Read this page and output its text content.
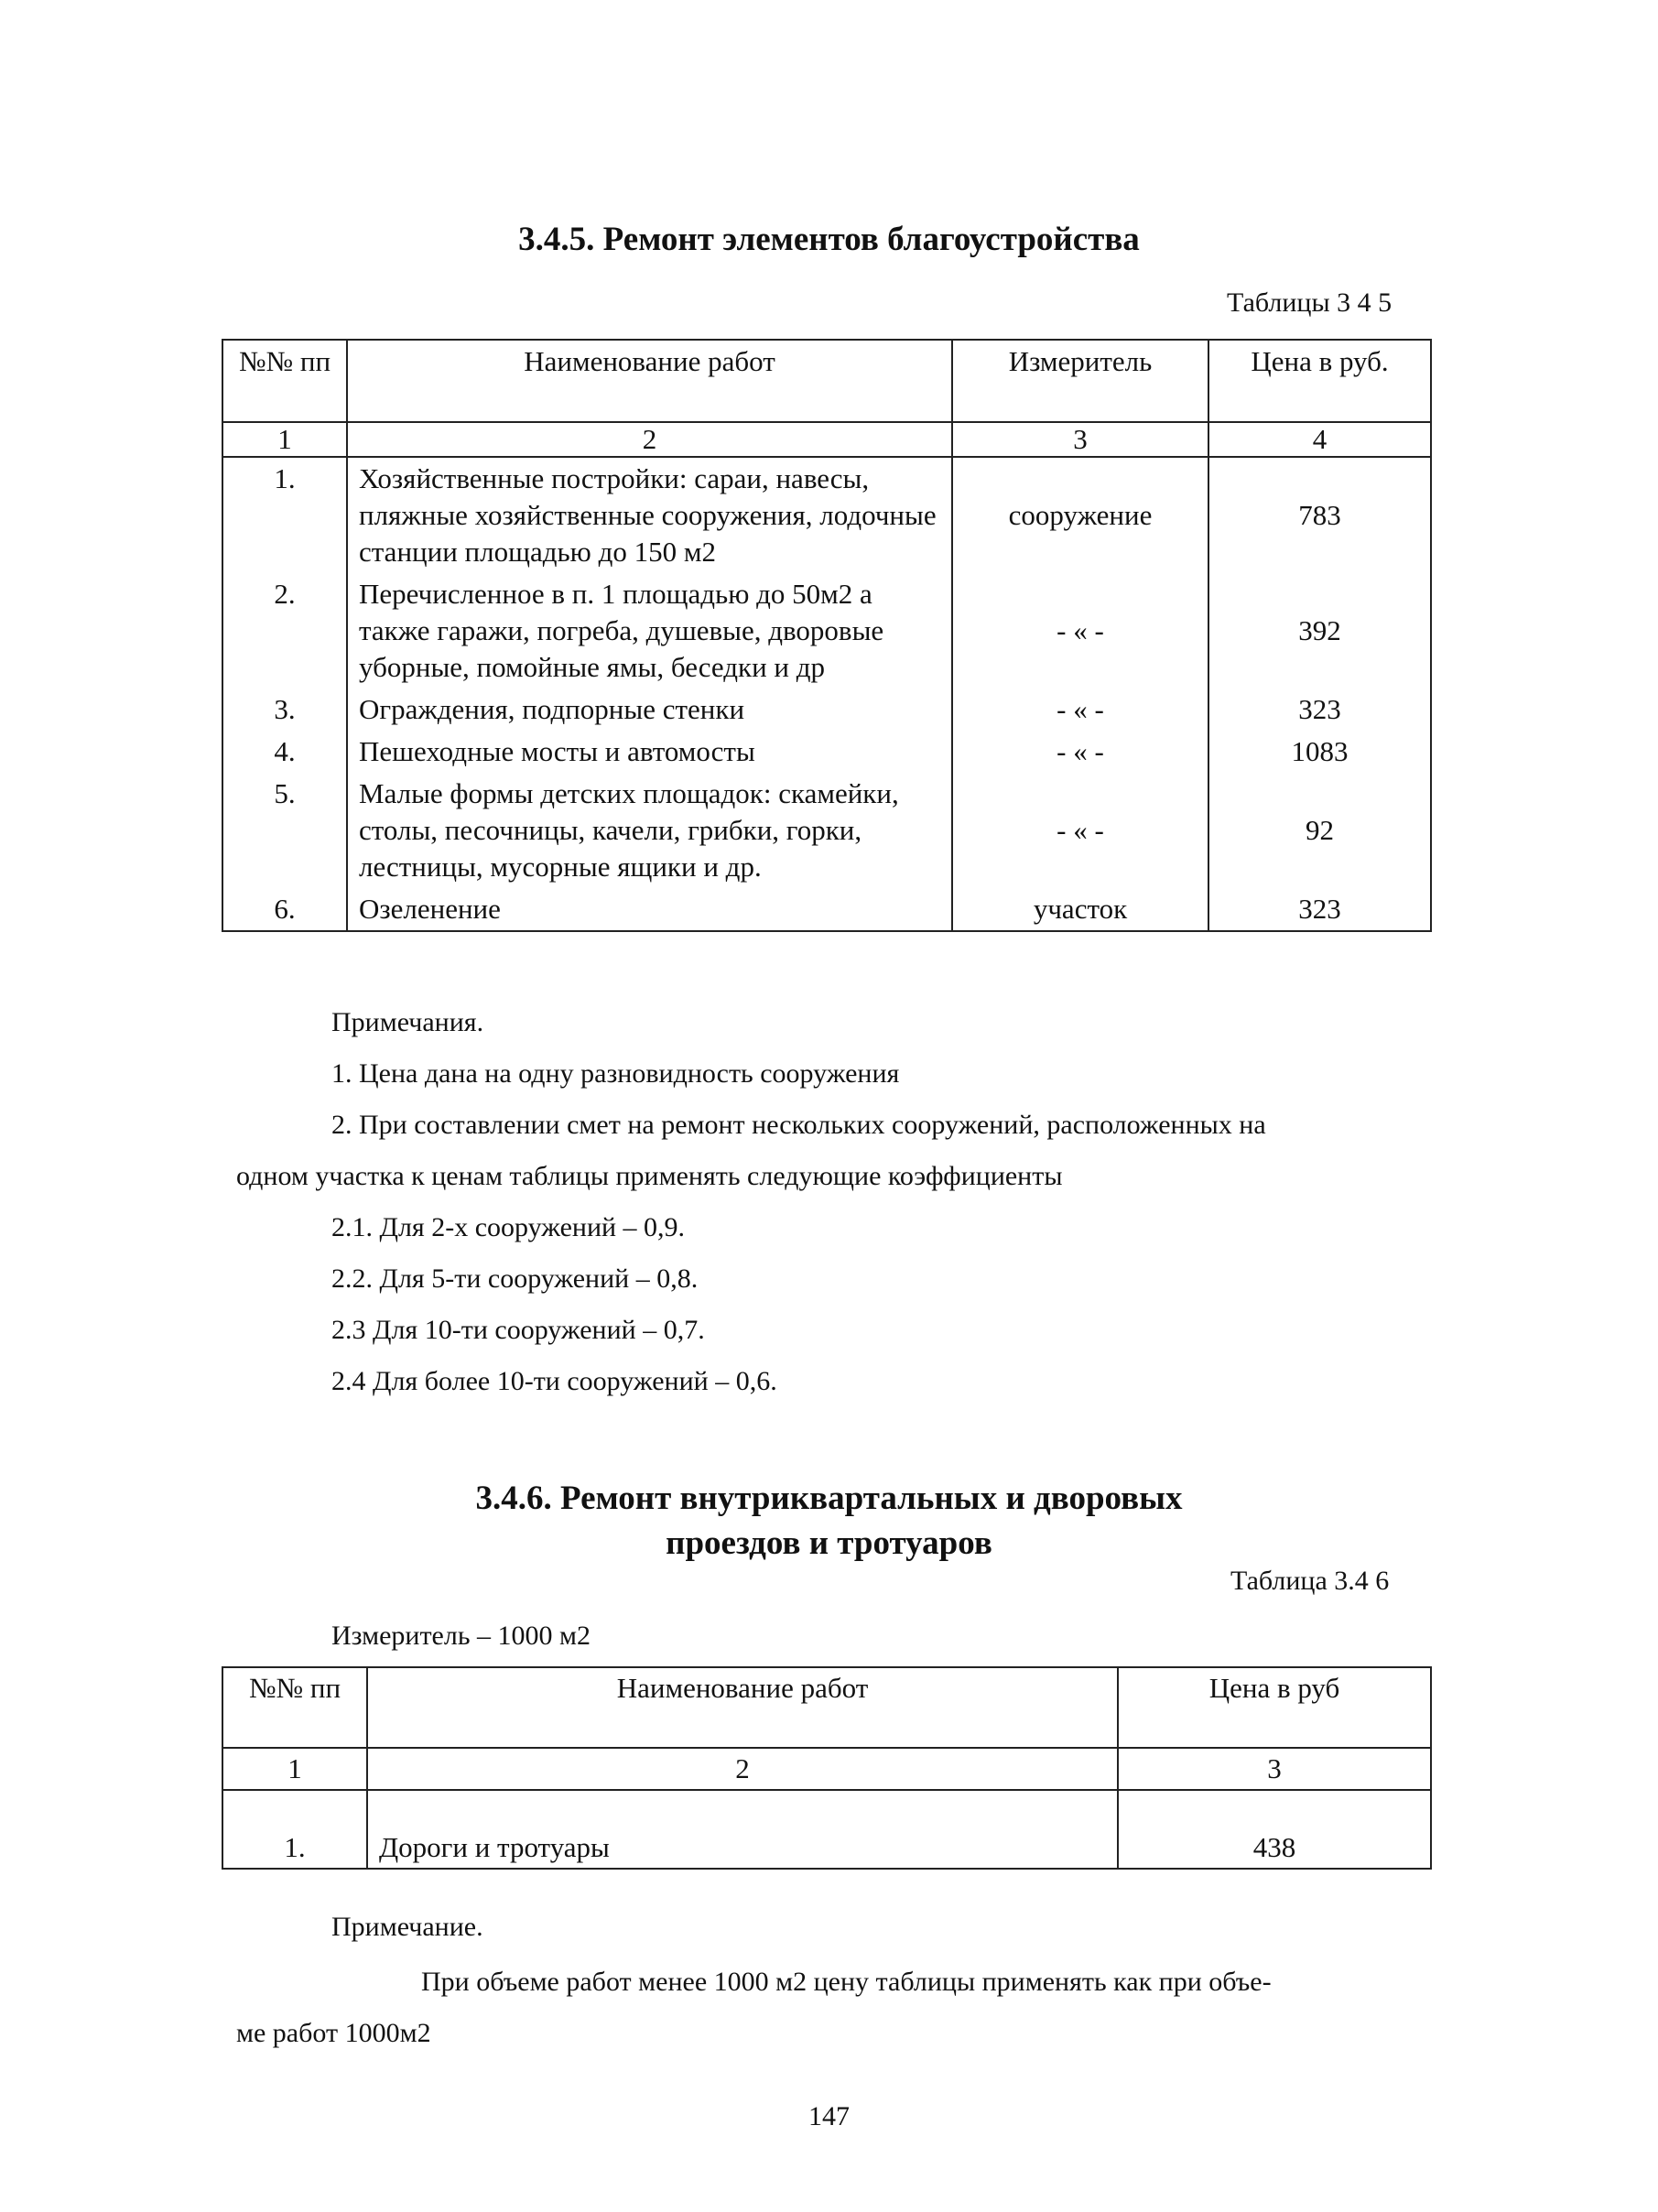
3.4.5. Ремонт элементов благоустройства
Таблицы 3 4 5
№№ пп	Наименование работ	Измеритель	Цена в руб.
1	2	3	4
1.	Хозяйственные постройки: сараи, навесы, пляжные хозяйственные сооружения, лодочные станции площадью до 150 м2	сооружение	783
2.	Перечисленное в п. 1 площадью до 50м2 а также гаражи, погреба, душевые, дворовые уборные, помойные ямы, беседки и др	- « -	392
3.	Ограждения, подпорные стенки	- « -	323
4.	Пешеходные мосты и автомосты	- « -	1083
5.	Малые формы детских площадок: скамейки, столы, песочницы, качели, грибки, горки, лестницы, мусорные ящики и др.	- « -	92
6.	Озеленение	участок	323
Примечания.
1. Цена дана на одну разновидность сооружения
2. При составлении смет на ремонт нескольких сооружений, расположенных на
одном участка к ценам таблицы применять следующие коэффициенты
2.1. Для 2-х сооружений – 0,9.
2.2. Для 5-ти сооружений – 0,8.
2.3 Для 10-ти сооружений – 0,7.
2.4 Для более 10-ти сооружений – 0,6.
3.4.6. Ремонт внутриквартальных и дворовых
проездов и тротуаров
Таблица 3.4 6
Измеритель – 1000 м2
№№ пп	Наименование работ	Цена в руб
1	2	3
1.	Дороги и тротуары	438
Примечание.
При объеме работ менее 1000 м2 цену таблицы применять как при объе-
ме работ 1000м2
147
